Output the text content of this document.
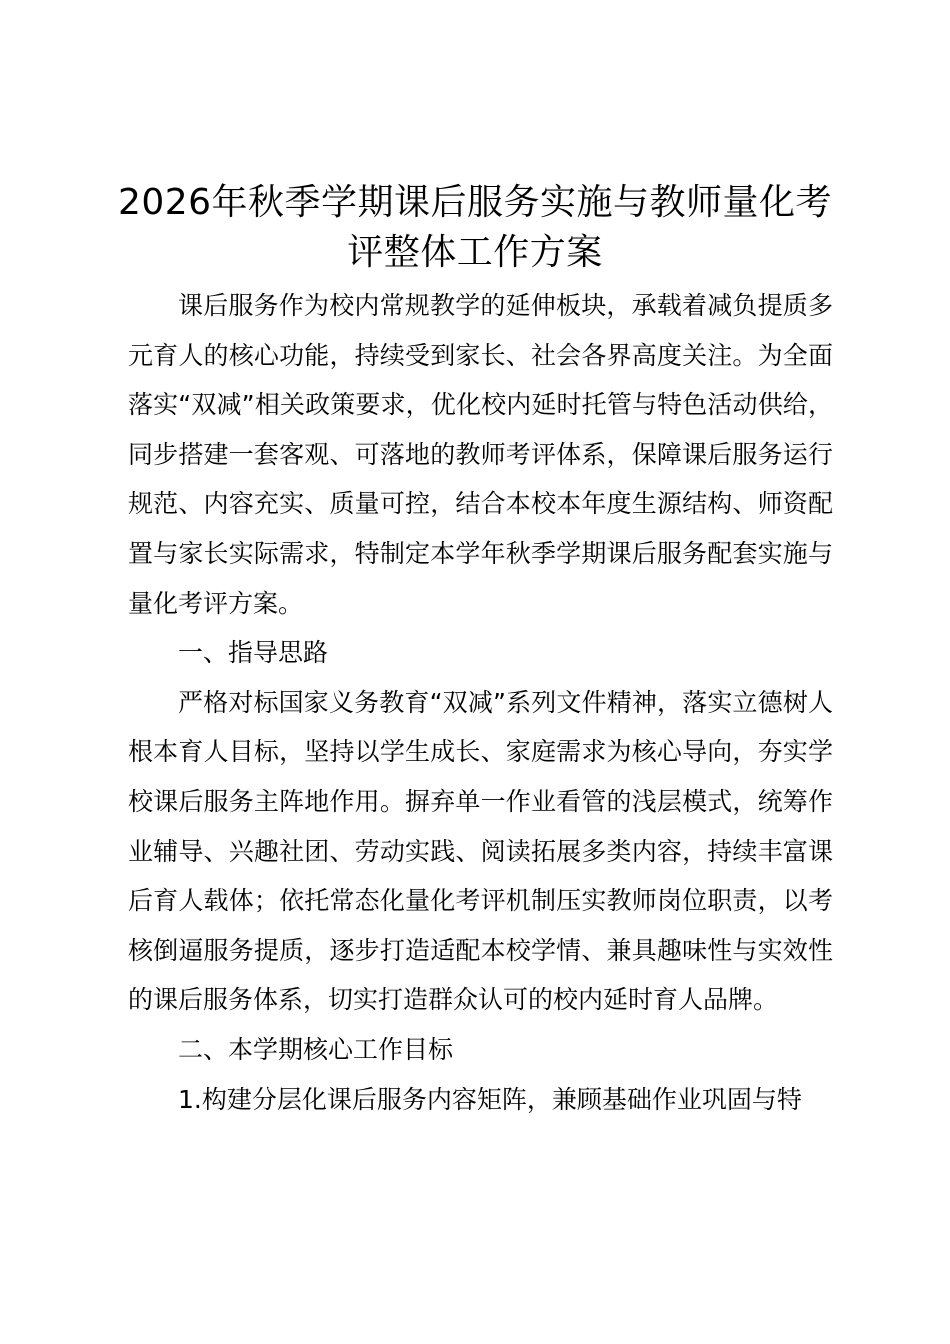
2026年秋季学期课后服务实施与教师量化考评整体工作方案

课后服务作为校内常规教学的延伸板块，承载着减负提质多元育人的核心功能，持续受到家长、社会各界高度关注。为全面落实“双减”相关政策要求，优化校内延时托管与特色活动供给，同步搭建一套客观、可落地的教师考评体系，保障课后服务运行规范、内容充实、质量可控，结合本校本年度生源结构、师资配置与家长实际需求，特制定本学年秋季学期课后服务配套实施与量化考评方案。

一、指导思路

严格对标国家义务教育“双减”系列文件精神，落实立德树人根本育人目标，坚持以学生成长、家庭需求为核心导向，夯实学校课后服务主阵地作用。摒弃单一作业看管的浅层模式，统筹作业辅导、兴趣社团、劳动实践、阅读拓展多类内容，持续丰富课后育人载体；依托常态化量化考评机制压实教师岗位职责，以考核倒逼服务提质，逐步打造适配本校学情、兼具趣味性与实效性的课后服务体系，切实打造群众认可的校内延时育人品牌。

二、本学期核心工作目标

1.构建分层化课后服务内容矩阵，兼顾基础作业巩固与特
